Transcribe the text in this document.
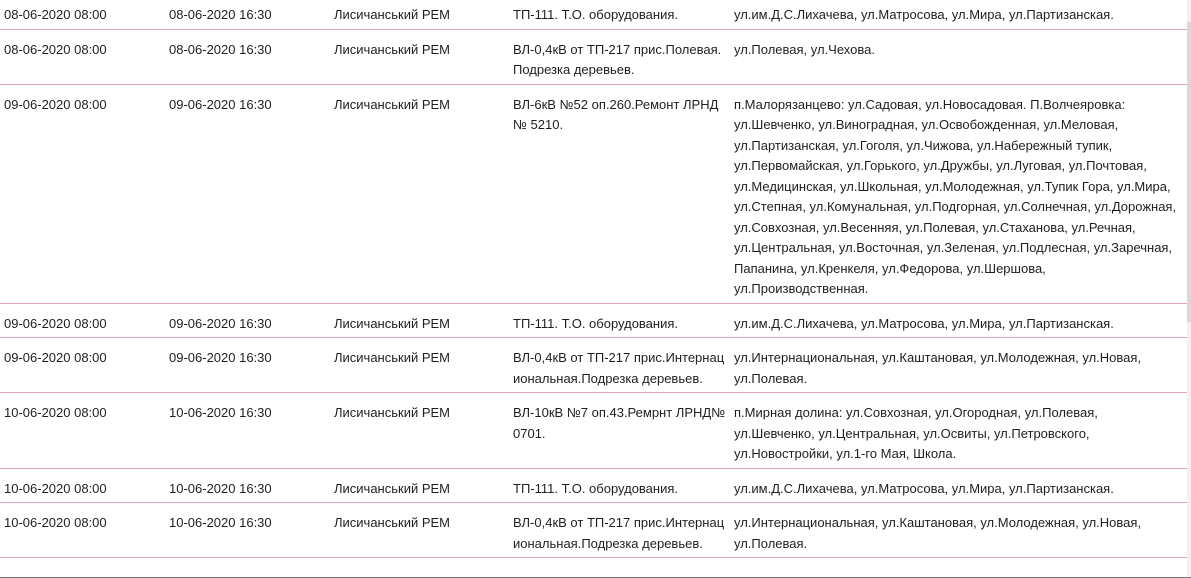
08-06-2020 08:00	08-06-2020 16:30	Лисичанський РЕМ	ТП-111. Т.О. оборудования.	ул.им.Д.С.Лихачева, ул.Матросова, ул.Мира, ул.Партизанская.
08-06-2020 08:00	08-06-2020 16:30	Лисичанський РЕМ	ВЛ-0,4кВ от ТП-217 прис.Полевая.Подрезка деревьев.	ул.Полевая, ул.Чехова.
09-06-2020 08:00	09-06-2020 16:30	Лисичанський РЕМ	ВЛ-6кВ №52 оп.260.Ремонт ЛРНД№ 5210.	п.Малорязанцево: ул.Садовая, ул.Новосадовая. П.Волчеяровка: ул.Шевченко, ул.Виноградная, ул.Освобожденная, ул.Меловая, ул.Партизанская, ул.Гоголя, ул.Чижова, ул.Набережный тупик, ул.Первомайская, ул.Горького, ул.Дружбы, ул.Луговая, ул.Почтовая, ул.Медицинская, ул.Школьная, ул.Молодежная, ул.Тупик Гора, ул.Мира, ул.Степная, ул.Комунальная, ул.Подгорная, ул.Солнечная, ул.Дорожная, ул.Совхозная, ул.Весенняя, ул.Полевая, ул.Стаханова, ул.Речная, ул.Центральная, ул.Восточная, ул.Зеленая, ул.Подлесная, ул.Заречная, Папанина, ул.Кренкеля, ул.Федорова, ул.Шершова, ул.Производственная.
09-06-2020 08:00	09-06-2020 16:30	Лисичанський РЕМ	ТП-111. Т.О. оборудования.	ул.им.Д.С.Лихачева, ул.Матросова, ул.Мира, ул.Партизанская.
09-06-2020 08:00	09-06-2020 16:30	Лисичанський РЕМ	ВЛ-0,4кВ от ТП-217 прис.Интернациональная.Подрезка деревьев.	ул.Интернациональная, ул.Каштановая, ул.Молодежная, ул.Новая, ул.Полевая.
10-06-2020 08:00	10-06-2020 16:30	Лисичанський РЕМ	ВЛ-10кВ №7 оп.43.Ремрнт ЛРНД№ 0701.	п.Мирная долина: ул.Совхозная, ул.Огородная, ул.Полевая, ул.Шевченко, ул.Центральная, ул.Освиты, ул.Петровского, ул.Новостройки, ул.1-го Мая, Школа.
10-06-2020 08:00	10-06-2020 16:30	Лисичанський РЕМ	ТП-111. Т.О. оборудования.	ул.им.Д.С.Лихачева, ул.Матросова, ул.Мира, ул.Партизанская.
10-06-2020 08:00	10-06-2020 16:30	Лисичанський РЕМ	ВЛ-0,4кВ от ТП-217 прис.Интернациональная.Подрезка деревьев.	ул.Интернациональная, ул.Каштановая, ул.Молодежная, ул.Новая, ул.Полевая.
